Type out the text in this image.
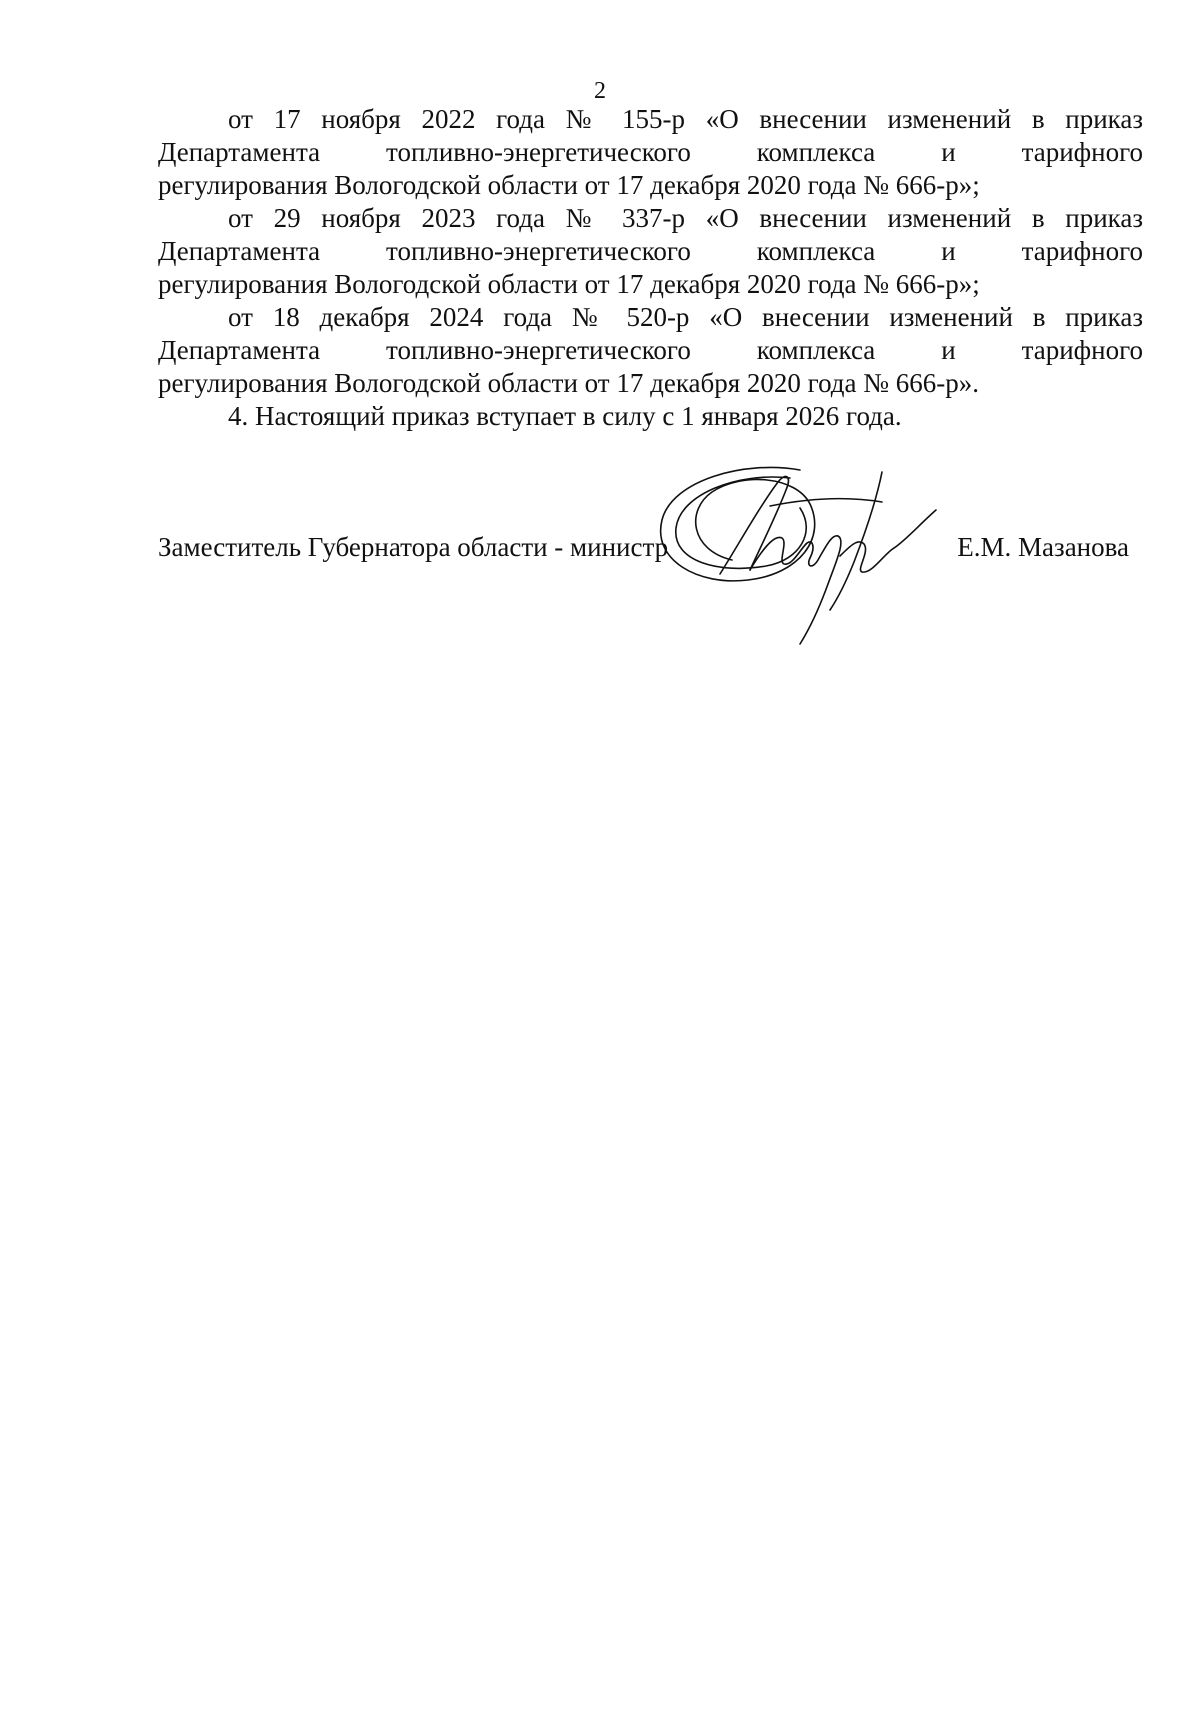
2

от 17 ноября 2022 года № 155-р «О внесении изменений в приказ
Департамента топливно-энергетического комплекса и тарифного
регулирования Вологодской области от 17 декабря 2020 года № 666-р»;

от 29 ноября 2023 года № 337-р «О внесении изменений в приказ
Департамента топливно-энергетического комплекса и тарифного
регулирования Вологодской области от 17 декабря 2020 года № 666-р»;

от 18 декабря 2024 года № 520-р «О внесении изменений в приказ
Департамента топливно-энергетического комплекса и тарифного
регулирования Вологодской области от 17 декабря 2020 года № 666-р».

4. Настоящий приказ вступает в силу с 1 января 2026 года.

Заместитель Губернатора области - министр	Е.М. Мазанова
